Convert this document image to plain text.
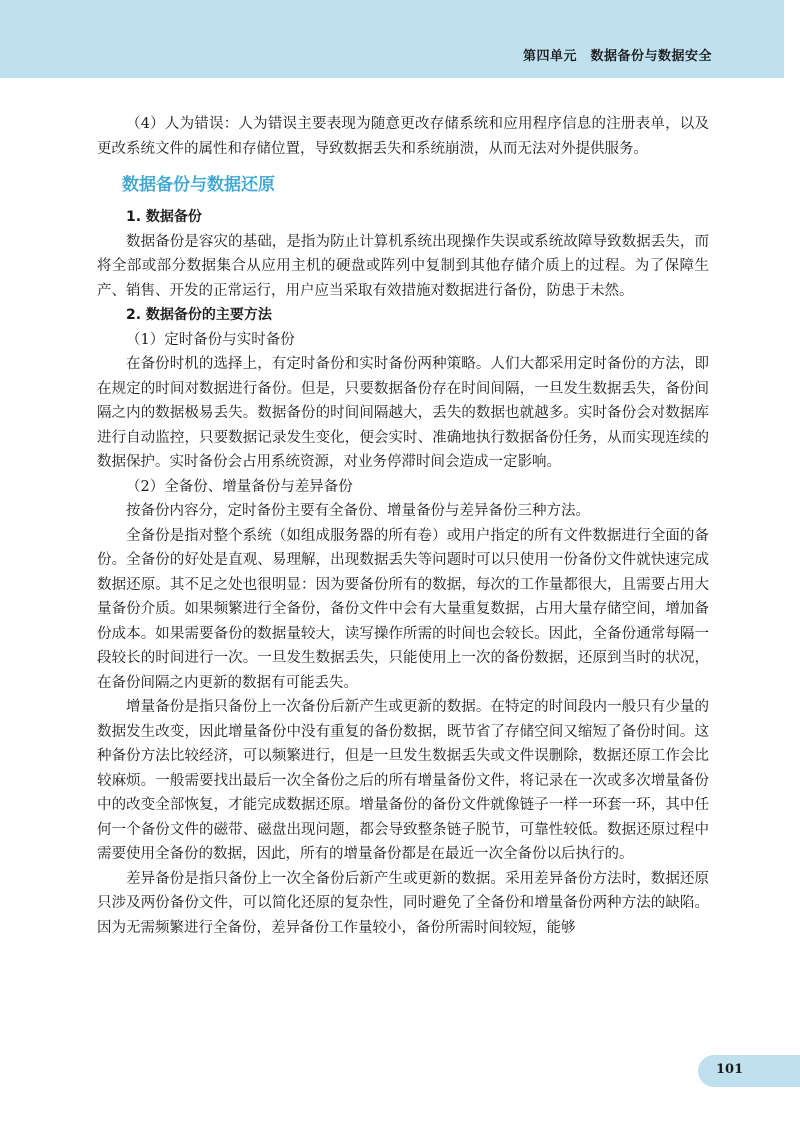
第四单元　数据备份与数据安全

（4）人为错误：人为错误主要表现为随意更改存储系统和应用程序信息的注册表单，以及更改系统文件的属性和存储位置，导致数据丢失和系统崩溃，从而无法对外提供服务。

数据备份与数据还原
1. 数据备份

数据备份是容灾的基础，是指为防止计算机系统出现操作失误或系统故障导致数据丢失，而将全部或部分数据集合从应用主机的硬盘或阵列中复制到其他存储介质上的过程。为了保障生产、销售、开发的正常运行，用户应当采取有效措施对数据进行备份，防患于未然。

2. 数据备份的主要方法
（1）定时备份与实时备份

在备份时机的选择上，有定时备份和实时备份两种策略。人们大都采用定时备份的方法，即在规定的时间对数据进行备份。但是，只要数据备份存在时间间隔，一旦发生数据丢失，备份间隔之内的数据极易丢失。数据备份的时间间隔越大，丢失的数据也就越多。实时备份会对数据库进行自动监控，只要数据记录发生变化，便会实时、准确地执行数据备份任务，从而实现连续的数据保护。实时备份会占用系统资源，对业务停滞时间会造成一定影响。

（2）全备份、增量备份与差异备份

按备份内容分，定时备份主要有全备份、增量备份与差异备份三种方法。

全备份是指对整个系统（如组成服务器的所有卷）或用户指定的所有文件数据进行全面的备份。全备份的好处是直观、易理解，出现数据丢失等问题时可以只使用一份备份文件就快速完成数据还原。其不足之处也很明显：因为要备份所有的数据，每次的工作量都很大，且需要占用大量备份介质。如果频繁进行全备份，备份文件中会有大量重复数据，占用大量存储空间，增加备份成本。如果需要备份的数据量较大，读写操作所需的时间也会较长。因此，全备份通常每隔一段较长的时间进行一次。一旦发生数据丢失，只能使用上一次的备份数据，还原到当时的状况，在备份间隔之内更新的数据有可能丢失。

增量备份是指只备份上一次备份后新产生或更新的数据。在特定的时间段内一般只有少量的数据发生改变，因此增量备份中没有重复的备份数据，既节省了存储空间又缩短了备份时间。这种备份方法比较经济，可以频繁进行，但是一旦发生数据丢失或文件误删除，数据还原工作会比较麻烦。一般需要找出最后一次全备份之后的所有增量备份文件，将记录在一次或多次增量备份中的改变全部恢复，才能完成数据还原。增量备份的备份文件就像链子一样一环套一环，其中任何一个备份文件的磁带、磁盘出现问题，都会导致整条链子脱节，可靠性较低。数据还原过程中需要使用全备份的数据，因此，所有的增量备份都是在最近一次全备份以后执行的。

差异备份是指只备份上一次全备份后新产生或更新的数据。采用差异备份方法时，数据还原只涉及两份备份文件，可以简化还原的复杂性，同时避免了全备份和增量备份两种方法的缺陷。因为无需频繁进行全备份，差异备份工作量较小，备份所需时间较短，能够

101
